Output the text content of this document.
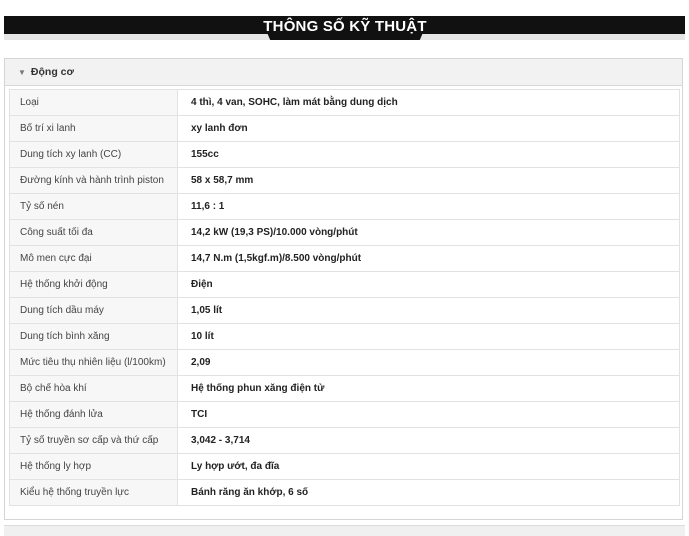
THÔNG SỐ KỸ THUẬT
▼ Động cơ
Loại	4 thì, 4 van, SOHC, làm mát bằng dung dịch
Bố trí xi lanh	xy lanh đơn
Dung tích xy lanh (CC)	155cc
Đường kính và hành trình piston	58 x 58,7 mm
Tỷ số nén	11,6 : 1
Công suất tối đa	14,2 kW (19,3 PS)/10.000 vòng/phút
Mô men cực đại	14,7 N.m (1,5kgf.m)/8.500 vòng/phút
Hệ thống khởi động	Điện
Dung tích dầu máy	1,05 lít
Dung tích bình xăng	10 lít
Mức tiêu thụ nhiên liệu (l/100km)	2,09
Bộ chế hòa khí	Hệ thống phun xăng điện tử
Hệ thống đánh lửa	TCI
Tỷ số truyền sơ cấp và thứ cấp	3,042 - 3,714
Hệ thống ly hợp	Ly hợp ướt, đa đĩa
Kiểu hệ thống truyền lực	Bánh răng ăn khớp, 6 số
